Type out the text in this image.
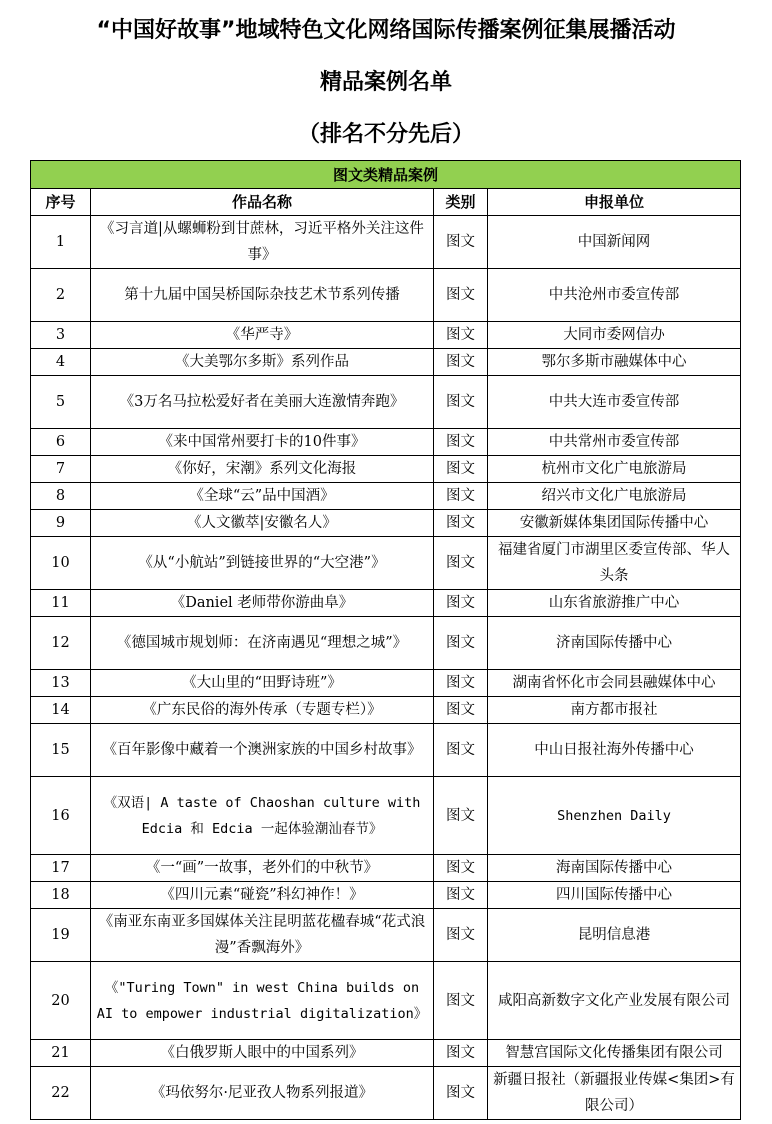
“中国好故事”地域特色文化网络国际传播案例征集展播活动
精品案例名单
（排名不分先后）
图文类精品案例			
序号	作品名称	类别	申报单位
1	《习言道|从螺蛳粉到甘蔗林，习近平格外关注这件事》	图文	中国新闻网
2	第十九届中国吴桥国际杂技艺术节系列传播	图文	中共沧州市委宣传部
3	《华严寺》	图文	大同市委网信办
4	《大美鄂尔多斯》系列作品	图文	鄂尔多斯市融媒体中心
5	《3万名马拉松爱好者在美丽大连激情奔跑》	图文	中共大连市委宣传部
6	《来中国常州要打卡的10件事》	图文	中共常州市委宣传部
7	《你好，宋潮》系列文化海报	图文	杭州市文化广电旅游局
8	《全球“云”品中国酒》	图文	绍兴市文化广电旅游局
9	《人文徽萃|安徽名人》	图文	安徽新媒体集团国际传播中心
10	《从“小航站”到链接世界的“大空港”》	图文	福建省厦门市湖里区委宣传部、华人头条
11	《Daniel 老师带你游曲阜》	图文	山东省旅游推广中心
12	《德国城市规划师：在济南遇见“理想之城”》	图文	济南国际传播中心
13	《大山里的“田野诗班”》	图文	湖南省怀化市会同县融媒体中心
14	《广东民俗的海外传承（专题专栏）》	图文	南方都市报社
15	《百年影像中藏着一个澳洲家族的中国乡村故事》	图文	中山日报社海外传播中心
16	《双语| A taste of Chaoshan culture with Edcia 和 Edcia 一起体验潮汕春节》	图文	Shenzhen Daily
17	《一“画”一故事，老外们的中秋节》	图文	海南国际传播中心
18	《四川元素“碰瓷”科幻神作！》	图文	四川国际传播中心
19	《南亚东南亚多国媒体关注昆明蓝花楹春城“花式浪漫”香飘海外》	图文	昆明信息港
20	《"Turing Town" in west China builds on AI to empower industrial digitalization》	图文	咸阳高新数字文化产业发展有限公司
21	《白俄罗斯人眼中的中国系列》	图文	智慧宫国际文化传播集团有限公司
22	《玛依努尔·尼亚孜人物系列报道》	图文	新疆日报社（新疆报业传媒<集团>有限公司）
